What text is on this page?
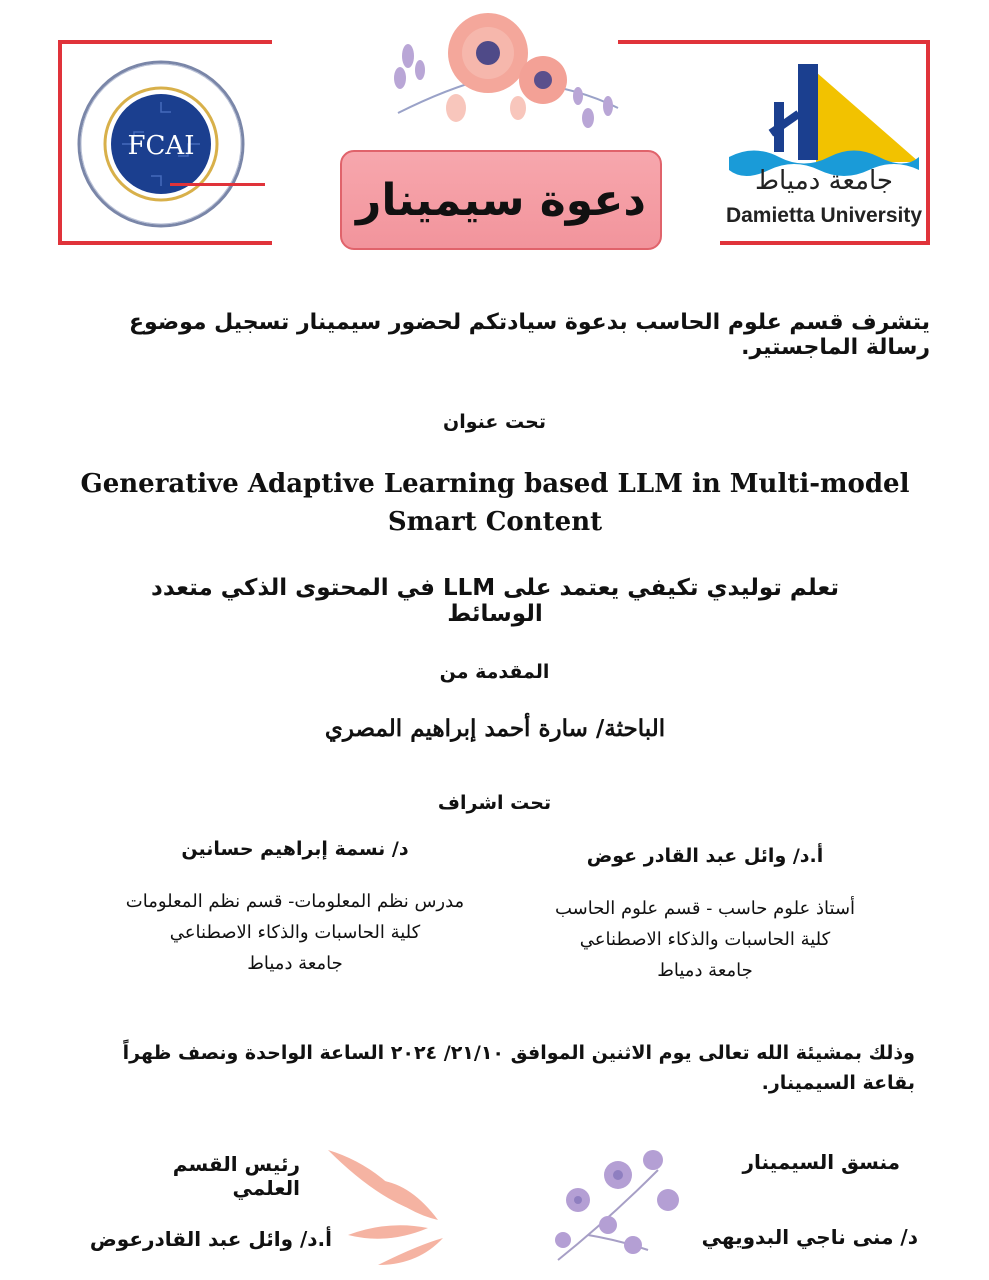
FCAI
دعوة سيمينار	جامعة دمياط
Damietta University
يتشرف قسم علوم الحاسب بدعوة سيادتكم لحضور سيمينار تسجيل موضوع رسالة الماجستير.
تحت عنوان
Generative Adaptive Learning based LLM in Multi-model Smart Content
تعلم توليدي تكيفي يعتمد على LLM في المحتوى الذكي متعدد الوسائط
المقدمة من
الباحثة/ سارة أحمد إبراهيم المصري
تحت اشراف
أ.د/ وائل عبد القادر عوض
أستاذ علوم حاسب - قسم علوم الحاسب
كلية الحاسبات والذكاء الاصطناعي
جامعة دمياط
د/ نسمة إبراهيم حسانين
مدرس نظم المعلومات- قسم نظم المعلومات
كلية الحاسبات والذكاء الاصطناعي
جامعة دمياط
وذلك بمشيئة الله تعالى يوم الاثنين الموافق ٢١/١٠/ ٢٠٢٤ الساعة الواحدة ونصف ظهراً بقاعة السيمينار.
منسق السيمينار
د/ منى ناجي البدويهي
رئيس القسم العلمي
أ.د/ وائل عبد القادرعوض
